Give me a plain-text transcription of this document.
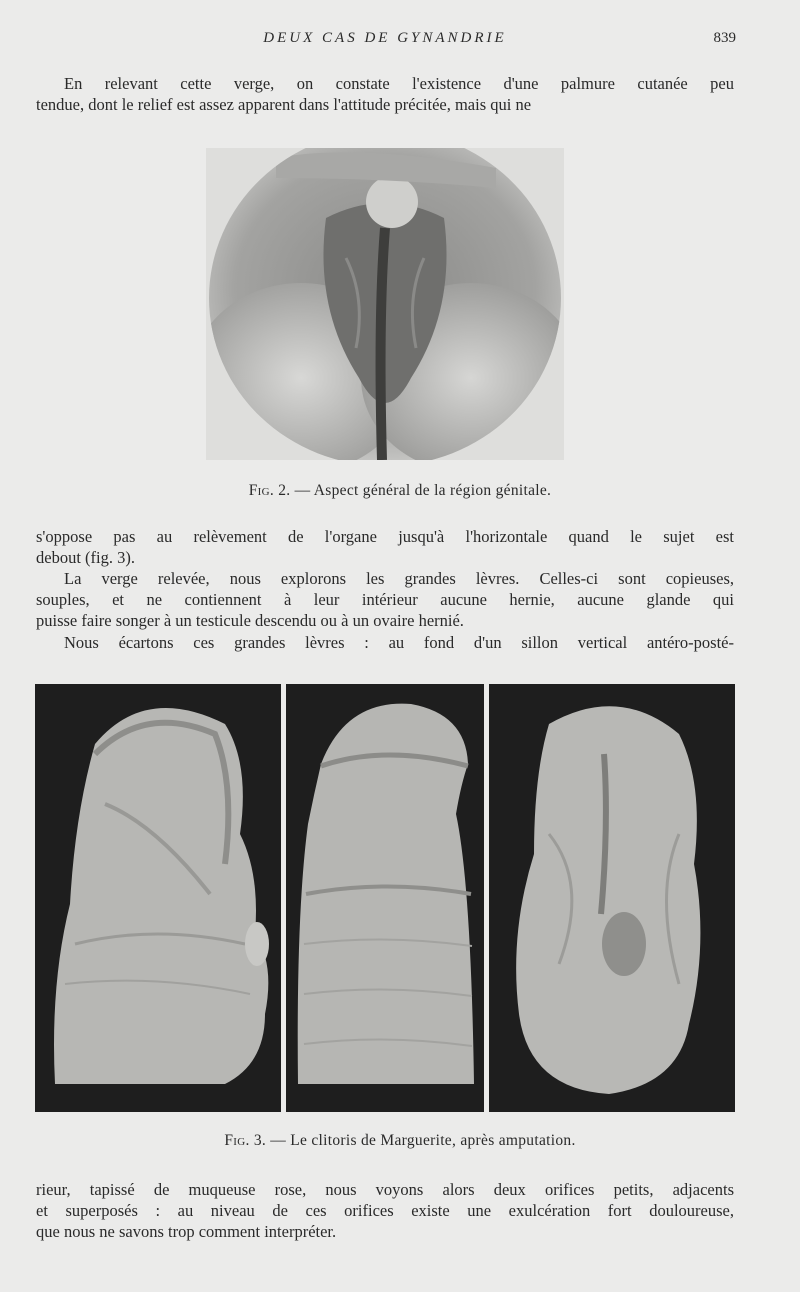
DEUX CAS DE GYNANDRIE	839
En relevant cette verge, on constate l'existence d'une palmure cutanée peu
tendue, dont le relief est assez apparent dans l'attitude précitée, mais qui ne
Fig. 2. — Aspect général de la région génitale.
s'oppose pas au relèvement de l'organe jusqu'à l'horizontale quand le sujet est
debout (fig. 3).
La verge relevée, nous explorons les grandes lèvres. Celles-ci sont copieuses,
souples, et ne contiennent à leur intérieur aucune hernie, aucune glande qui
puisse faire songer à un testicule descendu ou à un ovaire hernié.
Nous écartons ces grandes lèvres : au fond d'un sillon vertical antéro-posté-
Fig. 3. — Le clitoris de Marguerite, après amputation.
rieur, tapissé de muqueuse rose, nous voyons alors deux orifices petits, adjacents
et superposés : au niveau de ces orifices existe une exulcération fort douloureuse,
que nous ne savons trop comment interpréter.
